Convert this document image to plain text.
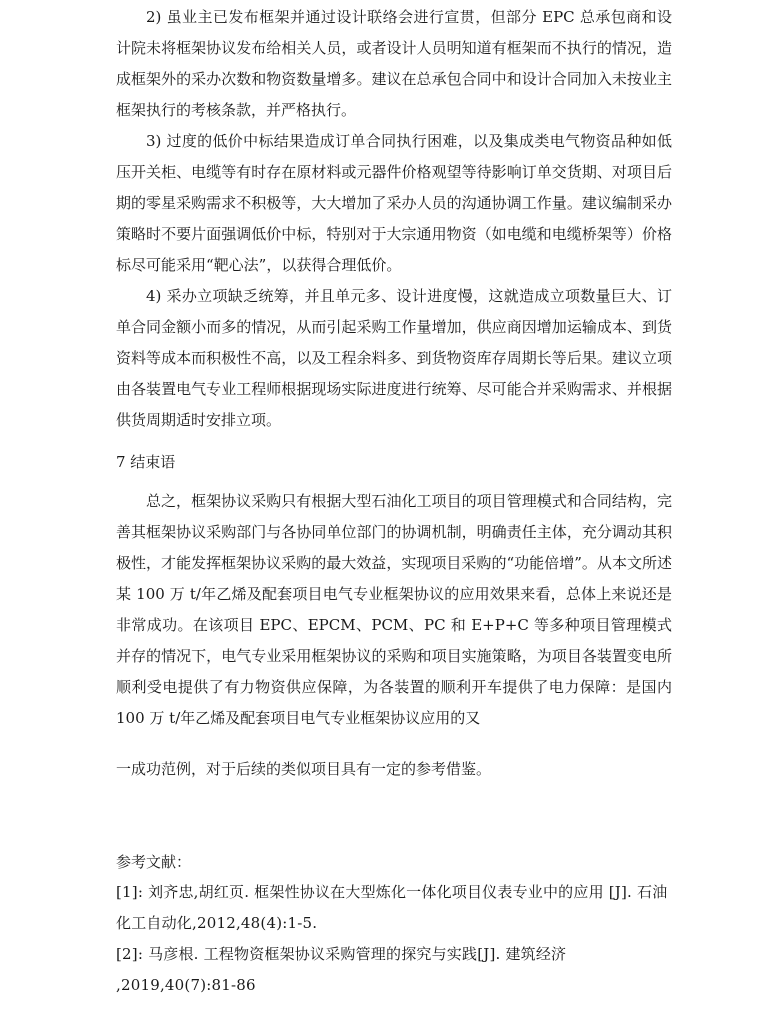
2) 虽业主已发布框架并通过设计联络会进行宣贯，但部分 EPC 总承包商和设计院未将框架协议发布给相关人员，或者设计人员明知道有框架而不执行的情况，造成框架外的采办次数和物资数量增多。建议在总承包合同中和设计合同加入未按业主框架执行的考核条款，并严格执行。

3) 过度的低价中标结果造成订单合同执行困难，以及集成类电气物资品种如低压开关柜、电缆等有时存在原材料或元器件价格观望等待影响订单交货期、对项目后期的零星采购需求不积极等，大大增加了采办人员的沟通协调工作量。建议编制采办策略时不要片面强调低价中标，特别对于大宗通用物资（如电缆和电缆桥架等）价格标尽可能采用“靶心法”，以获得合理低价。

4) 采办立项缺乏统筹，并且单元多、设计进度慢，这就造成立项数量巨大、订单合同金额小而多的情况，从而引起采购工作量增加，供应商因增加运输成本、到货资料等成本而积极性不高，以及工程余料多、到货物资库存周期长等后果。建议立项由各装置电气专业工程师根据现场实际进度进行统筹、尽可能合并采购需求、并根据供货周期适时安排立项。

7 结束语

总之，框架协议采购只有根据大型石油化工项目的项目管理模式和合同结构，完善其框架协议采购部门与各协同单位部门的协调机制，明确责任主体，充分调动其积极性，才能发挥框架协议采购的最大效益，实现项目采购的“功能倍增”。从本文所述某 100 万 t/年乙烯及配套项目电气专业框架协议的应用效果来看，总体上来说还是非常成功。在该项目 EPC、EPCM、PCM、PC 和 E+P+C 等多种项目管理模式并存的情况下，电气专业采用框架协议的采购和项目实施策略，为项目各装置变电所顺利受电提供了有力物资供应保障，为各装置的顺利开车提供了电力保障：是国内 100 万 t/年乙烯及配套项目电气专业框架协议应用的又

一成功范例，对于后续的类似项目具有一定的参考借鉴。

参考文献：

[1]: 刘齐忠,胡红页. 框架性协议在大型炼化一体化项目仪表专业中的应用 [J]. 石油化工自动化,2012,48(4):1-5.

[2]: 马彦根. 工程物资框架协议采购管理的探究与实践[J]. 建筑经济 ,2019,40(7):81-86
